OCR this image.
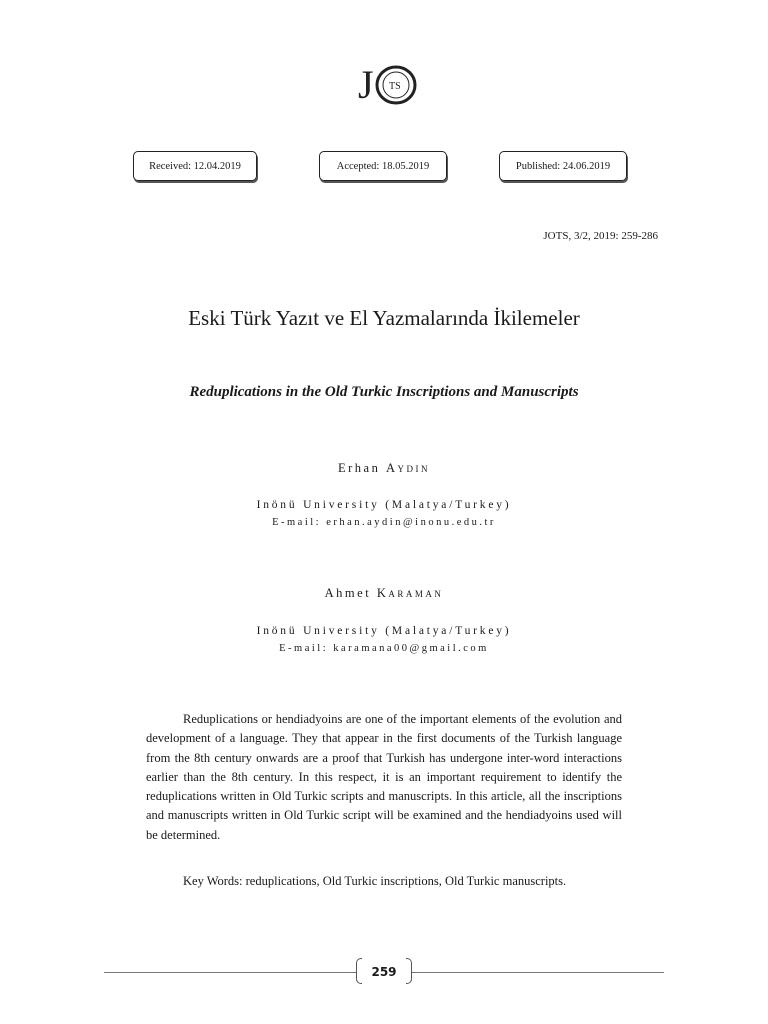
J TS
Received: 12.04.2019	Accepted: 18.05.2019	Published: 24.06.2019
JOTS, 3/2, 2019: 259-286
Eski Türk Yazıt ve El Yazmalarında İkilemeler
Reduplications in the Old Turkic Inscriptions and Manuscripts
Erhan Aydın
Inönü University (Malatya/Turkey)
E-mail: erhan.aydin@inonu.edu.tr
Ahmet Karaman
Inönü University (Malatya/Turkey)
E-mail: karamana00@gmail.com

Reduplications or hendiadyoins are one of the important elements of the evolution and development of a language. They that appear in the first documents of the Turkish language from the 8th century onwards are a proof that Turkish has undergone inter-word interactions earlier than the 8th century. In this respect, it is an important requirement to identify the reduplications written in Old Turkic scripts and manuscripts. In this article, all the inscriptions and manuscripts written in Old Turkic script will be examined and the hendiadyoins used will be determined.

Key Words: reduplications, Old Turkic inscriptions, Old Turkic manuscripts.

259
